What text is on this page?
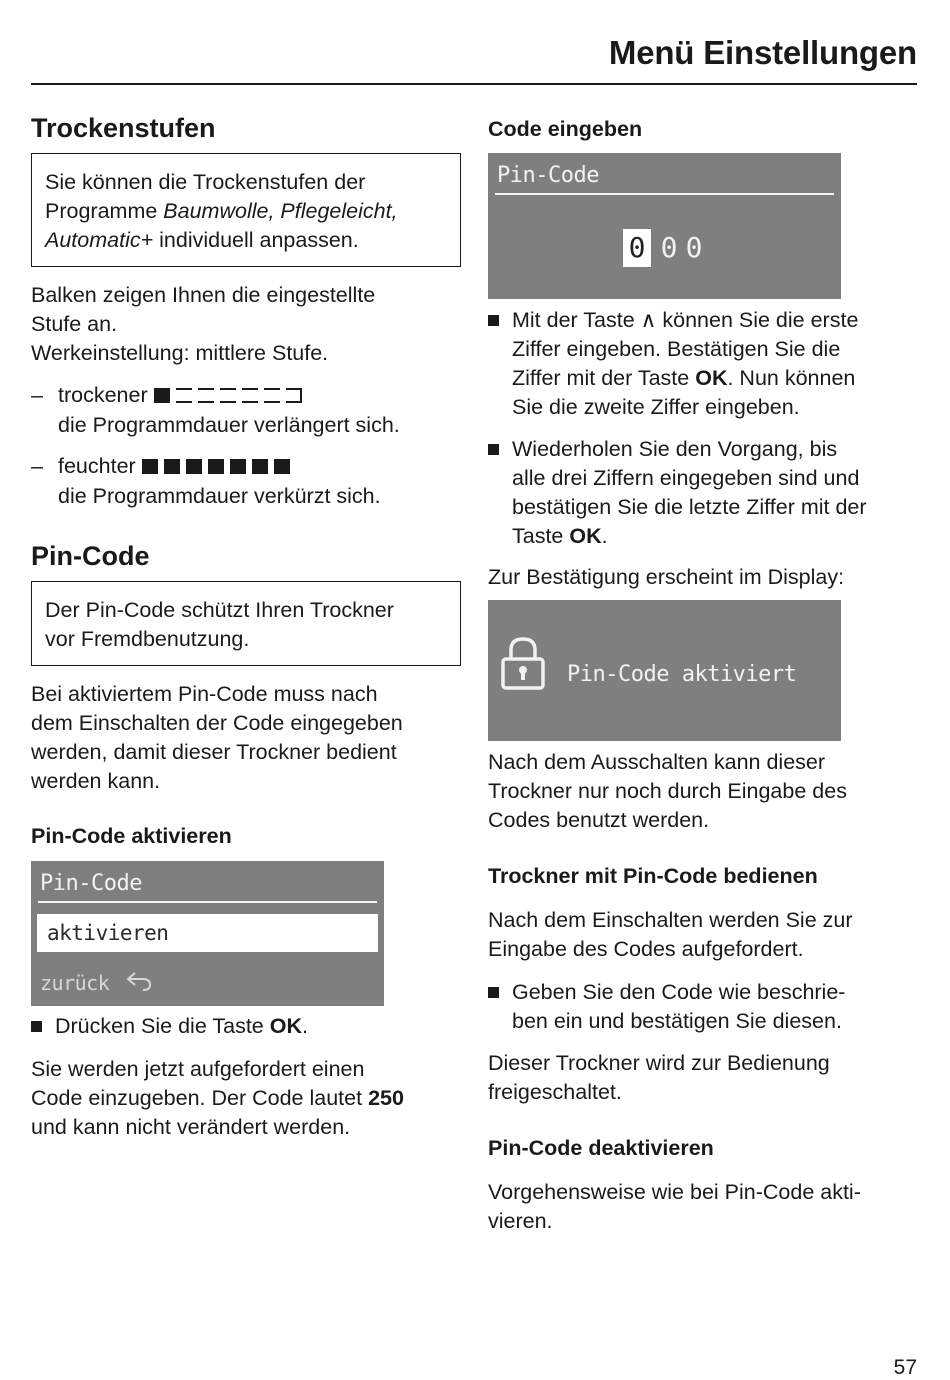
Menü Einstellungen
Trockenstufen
Sie können die Trockenstufen der
Programme Baumwolle, Pflegeleicht,
Automatic+ individuell anpassen.
Balken zeigen Ihnen die eingestellte
Stufe an.
Werkeinstellung: mittlere Stufe.
– trockener
die Programmdauer verlängert sich.
– feuchter
die Programmdauer verkürzt sich.
Pin-Code
Der Pin-Code schützt Ihren Trockner
vor Fremdbenutzung.
Bei aktiviertem Pin-Code muss nach
dem Einschalten der Code eingegeben
werden, damit dieser Trockner bedient
werden kann.
Pin-Code aktivieren
Pin-Code
aktivieren
zurück
Drücken Sie die Taste OK.
Sie werden jetzt aufgefordert einen
Code einzugeben. Der Code lautet 250
und kann nicht verändert werden.
Code eingeben
Pin-Code
0 0 0
Mit der Taste ∧ können Sie die erste
Ziffer eingeben. Bestätigen Sie die
Ziffer mit der Taste OK. Nun können
Sie die zweite Ziffer eingeben.
Wiederholen Sie den Vorgang, bis
alle drei Ziffern eingegeben sind und
bestätigen Sie die letzte Ziffer mit der
Taste OK.
Zur Bestätigung erscheint im Display:
Pin-Code aktiviert
Nach dem Ausschalten kann dieser
Trockner nur noch durch Eingabe des
Codes benutzt werden.
Trockner mit Pin-Code bedienen
Nach dem Einschalten werden Sie zur
Eingabe des Codes aufgefordert.
Geben Sie den Code wie beschrie-
ben ein und bestätigen Sie diesen.
Dieser Trockner wird zur Bedienung
freigeschaltet.
Pin-Code deaktivieren
Vorgehensweise wie bei Pin-Code akti-
vieren.
57
